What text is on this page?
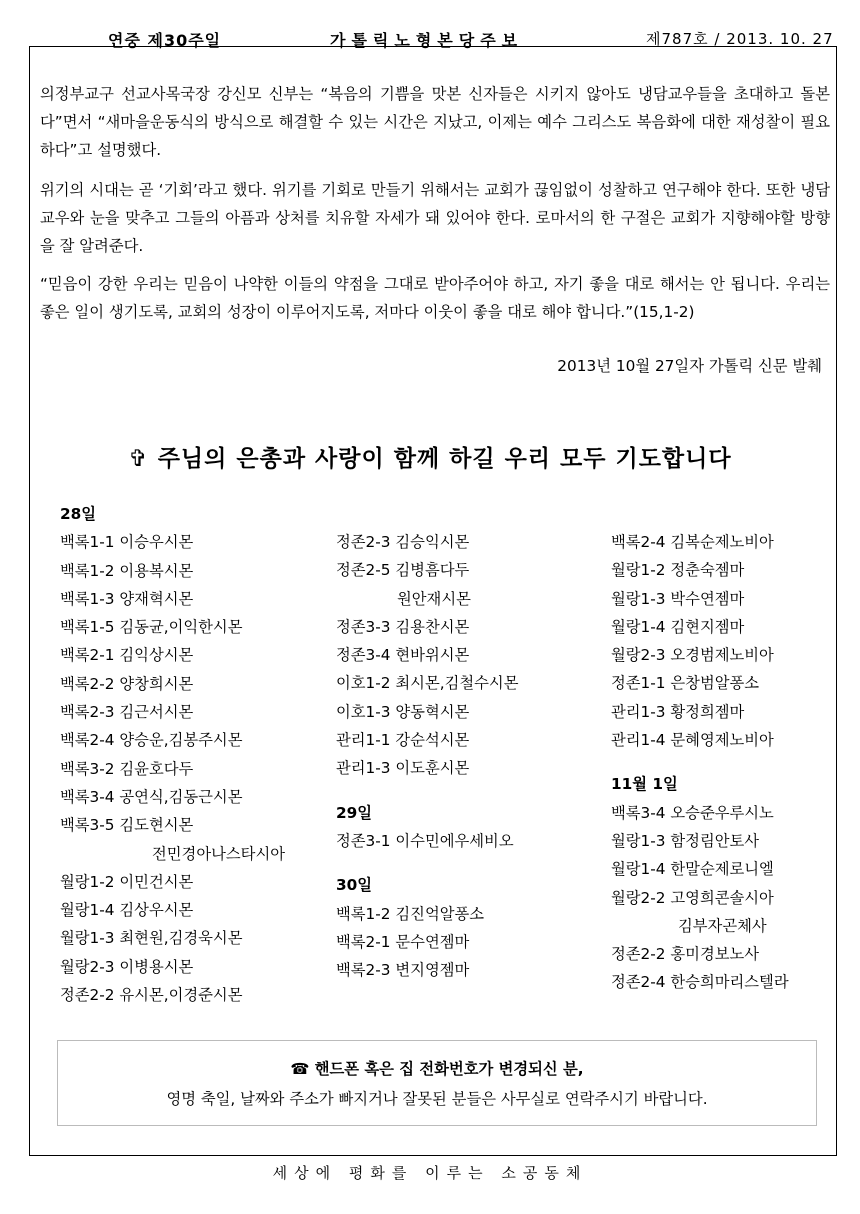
연중 제30주일	가톨릭노형본당주보	제787호 / 2013. 10. 27

의정부교구 선교사목국장 강신모 신부는 “복음의 기쁨을 맛본 신자들은 시키지 않아도 냉담교우들을 초대하고 돌본다”면서 “새마을운동식의 방식으로 해결할 수 있는 시간은 지났고, 이제는 예수 그리스도 복음화에 대한 재성찰이 필요하다”고 설명했다.

위기의 시대는 곧 ‘기회’라고 했다. 위기를 기회로 만들기 위해서는 교회가 끊임없이 성찰하고 연구해야 한다. 또한 냉담교우와 눈을 맞추고 그들의 아픔과 상처를 치유할 자세가 돼 있어야 한다. 로마서의 한 구절은 교회가 지향해야할 방향을 잘 알려준다.

“믿음이 강한 우리는 믿음이 나약한 이들의 약점을 그대로 받아주어야 하고, 자기 좋을 대로 해서는 안 됩니다. 우리는 좋은 일이 생기도록, 교회의 성장이 이루어지도록, 저마다 이웃이 좋을 대로 해야 합니다.”(15,1-2)

2013년 10월 27일자 가톨릭 신문 발췌
✞ 주님의 은총과 사랑이 함께 하길 우리 모두 기도합니다
28일
백록1-1 이승우시몬
백록1-2 이용복시몬
백록1-3 양재혁시몬
백록1-5 김동균,이익한시몬
백록2-1 김익상시몬
백록2-2 양창희시몬
백록2-3 김근서시몬
백록2-4 양승운,김봉주시몬
백록3-2 김윤호다두
백록3-4 공연식,김동근시몬
백록3-5 김도현시몬
전민경아나스타시아
월랑1-2 이민건시몬
월랑1-4 김상우시몬
월랑1-3 최현원,김경욱시몬
월랑2-3 이병용시몬
정존2-2 유시몬,이경준시몬
정존2-3 김승익시몬
정존2-5 김병흠다두
원안재시몬
정존3-3 김용찬시몬
정존3-4 현바위시몬
이호1-2 최시몬,김철수시몬
이호1-3 양동혁시몬
관리1-1 강순석시몬
관리1-3 이도훈시몬
29일
정존3-1 이수민에우세비오
30일
백록1-2 김진억알퐁소
백록2-1 문수연젬마
백록2-3 변지영젬마
백록2-4 김복순제노비아
월랑1-2 정춘숙젬마
월랑1-3 박수연젬마
월랑1-4 김현지젬마
월랑2-3 오경범제노비아
정존1-1 은창범알퐁소
관리1-3 황정희젬마
관리1-4 문혜영제노비아
11월 1일
백록3-4 오승준우루시노
월랑1-3 함정림안토사
월랑1-4 한말순제로니엘
월랑2-2 고영희콘솔시아
김부자곤체사
정존2-2 홍미경보노사
정존2-4 한승희마리스텔라
☎ 핸드폰 혹은 집 전화번호가 변경되신 분,
영명 축일, 날짜와 주소가 빠지거나 잘못된 분들은 사무실로 연락주시기 바랍니다.
세상에 평화를 이루는 소공동체
